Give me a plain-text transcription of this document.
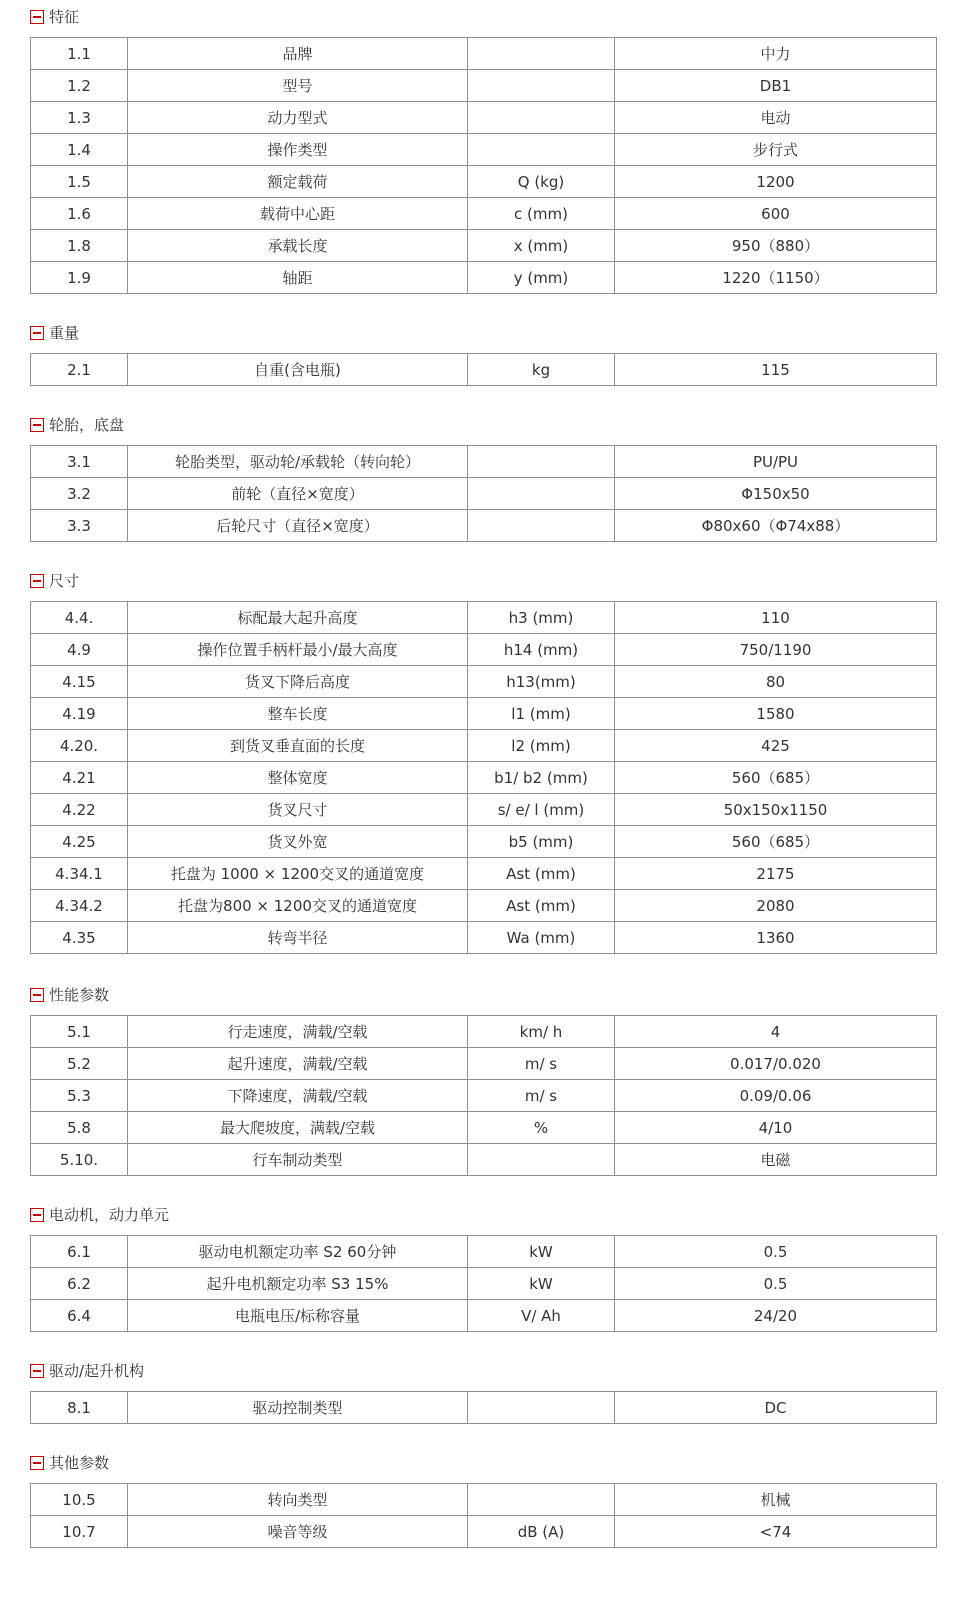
特征
1.1	品牌		中力
1.2	型号		DB1
1.3	动力型式		电动
1.4	操作类型		步行式
1.5	额定载荷	Q (kg)	1200
1.6	载荷中心距	c (mm)	600
1.8	承载长度	x (mm)	950（880）
1.9	轴距	y (mm)	1220（1150）
重量
2.1	自重(含电瓶)	kg	115
轮胎，底盘
3.1	轮胎类型，驱动轮/承载轮（转向轮）		PU/PU
3.2	前轮（直径×宽度）		Φ150x50
3.3	后轮尺寸（直径×宽度）		Φ80x60（Φ74x88）
尺寸
4.4.	标配最大起升高度	h3 (mm)	110
4.9	操作位置手柄杆最小/最大高度	h14 (mm)	750/1190
4.15	货叉下降后高度	h13(mm)	80
4.19	整车长度	l1 (mm)	1580
4.20.	到货叉垂直面的长度	l2 (mm)	425
4.21	整体宽度	b1/ b2 (mm)	560（685）
4.22	货叉尺寸	s/ e/ l (mm)	50x150x1150
4.25	货叉外宽	b5 (mm)	560（685）
4.34.1	托盘为 1000 × 1200交叉的通道宽度	Ast (mm)	2175
4.34.2	托盘为800 × 1200交叉的通道宽度	Ast (mm)	2080
4.35	转弯半径	Wa (mm)	1360
性能参数
5.1	行走速度，满载/空载	km/ h	4
5.2	起升速度，满载/空载	m/ s	0.017/0.020
5.3	下降速度，满载/空载	m/ s	0.09/0.06
5.8	最大爬坡度，满载/空载	%	4/10
5.10.	行车制动类型		电磁
电动机，动力单元
6.1	驱动电机额定功率 S2 60分钟	kW	0.5
6.2	起升电机额定功率 S3 15%	kW	0.5
6.4	电瓶电压/标称容量	V/ Ah	24/20
驱动/起升机构
8.1	驱动控制类型		DC
其他参数
10.5	转向类型		机械
10.7	噪音等级	dB (A)	<74
